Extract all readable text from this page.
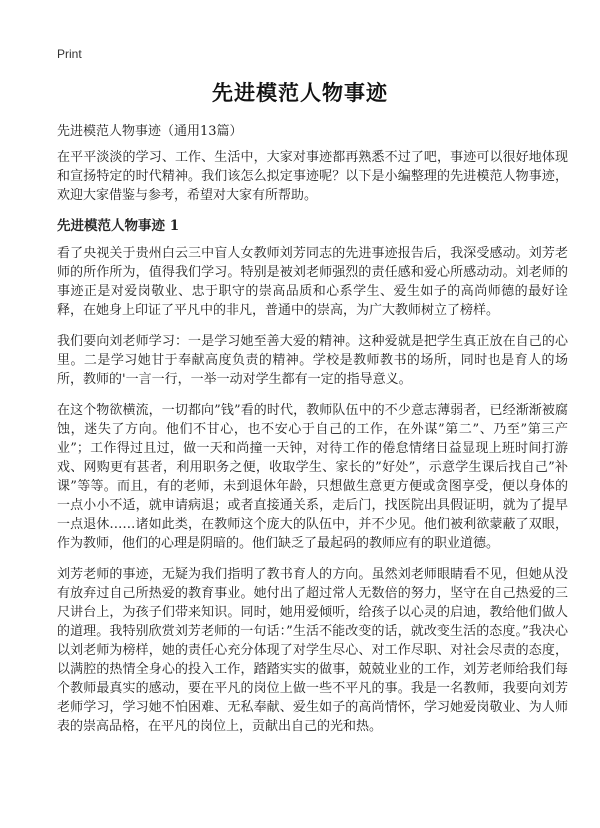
Print
先进模范人物事迹
先进模范人物事迹（通用13篇）

在平平淡淡的学习、工作、生活中，大家对事迹都再熟悉不过了吧，事迹可以很好地体现和宣扬特定的时代精神。我们该怎么拟定事迹呢？以下是小编整理的先进模范人物事迹，欢迎大家借鉴与参考，希望对大家有所帮助。

先进模范人物事迹 1

看了央视关于贵州白云三中盲人女教师刘芳同志的先进事迹报告后，我深受感动。刘芳老师的所作所为，值得我们学习。特别是被刘老师强烈的责任感和爱心所感动动。刘老师的事迹正是对爱岗敬业、忠于职守的崇高品质和心系学生、爱生如子的高尚师德的最好诠释，在她身上印证了平凡中的非凡，普通中的崇高，为广大教师树立了榜样。

我们要向刘老师学习：一是学习她至善大爱的精神。这种爱就是把学生真正放在自己的心里。二是学习她甘于奉献高度负责的精神。学校是教师教书的场所，同时也是育人的场所，教师的'一言一行，一举一动对学生都有一定的指导意义。

在这个物欲横流，一切都向”钱”看的时代，教师队伍中的不少意志薄弱者，已经渐渐被腐蚀，迷失了方向。他们不甘心，也不安心于自己的工作，在外谋”第二”、乃至”第三产业”；工作得过且过，做一天和尚撞一天钟，对待工作的倦怠情绪日益显现上班时间打游戏、网购更有甚者，利用职务之便，收取学生、家长的”好处”，示意学生课后找自己”补课”等等。而且，有的老师，未到退休年龄，只想做生意更方便或贪图享受，便以身体的一点小小不适，就申请病退；或者直接通关系，走后门，找医院出具假证明，就为了提早一点退休……诸如此类，在教师这个庞大的队伍中，并不少见。他们被利欲蒙蔽了双眼，作为教师，他们的心理是阴暗的。他们缺乏了最起码的教师应有的职业道德。

刘芳老师的事迹，无疑为我们指明了教书育人的方向。虽然刘老师眼睛看不见，但她从没有放弃过自己所热爱的教育事业。她付出了超过常人无数倍的努力，坚守在自己热爱的三尺讲台上，为孩子们带来知识。同时，她用爱倾听，给孩子以心灵的启迪，教给他们做人的道理。我特别欣赏刘芳老师的一句话：”生活不能改变的话，就改变生活的态度。”我决心以刘老师为榜样，她的责任心充分体现了对学生尽心、对工作尽职、对社会尽责的态度，以满腔的热情全身心的投入工作，踏踏实实的做事，兢兢业业的工作，刘芳老师给我们每个教师最真实的感动，要在平凡的岗位上做一些不平凡的事。我是一名教师，我要向刘芳老师学习，学习她不怕困难、无私奉献、爱生如子的高尚情怀，学习她爱岗敬业、为人师表的崇高品格，在平凡的岗位上，贡献出自己的光和热。
